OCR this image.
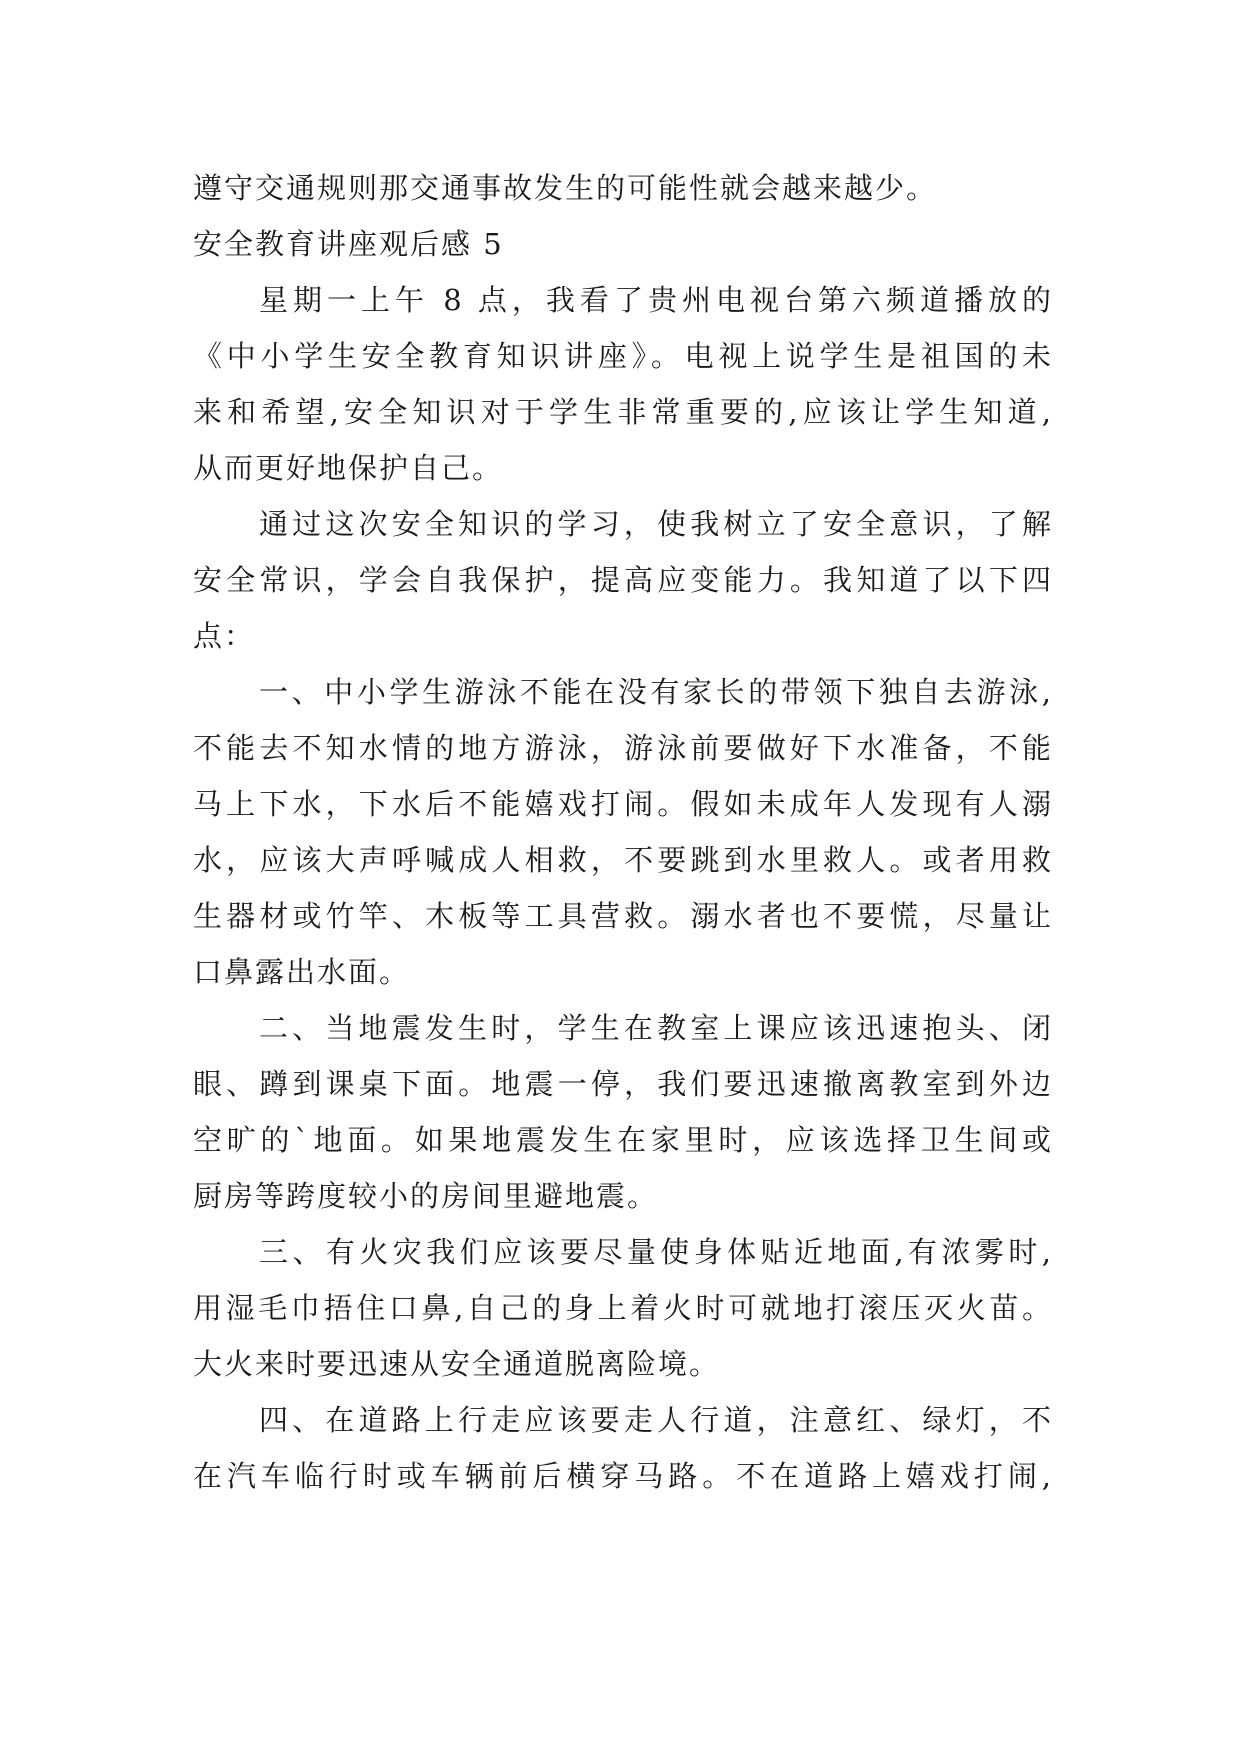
遵守交通规则那交通事故发生的可能性就会越来越少。
安全教育讲座观后感 5
星期一上午 8 点，我看了贵州电视台第六频道播放的
《中小学生安全教育知识讲座》。电视上说学生是祖国的未
来和希望,安全知识对于学生非常重要的,应该让学生知道,
从而更好地保护自己。
通过这次安全知识的学习，使我树立了安全意识，了解
安全常识，学会自我保护，提高应变能力。我知道了以下四
点：
一、中小学生游泳不能在没有家长的带领下独自去游泳,
不能去不知水情的地方游泳，游泳前要做好下水准备，不能
马上下水，下水后不能嬉戏打闹。假如未成年人发现有人溺
水，应该大声呼喊成人相救，不要跳到水里救人。或者用救
生器材或竹竿、木板等工具营救。溺水者也不要慌，尽量让
口鼻露出水面。
二、当地震发生时，学生在教室上课应该迅速抱头、闭
眼、蹲到课桌下面。地震一停，我们要迅速撤离教室到外边
空旷的`地面。如果地震发生在家里时，应该选择卫生间或
厨房等跨度较小的房间里避地震。
三、有火灾我们应该要尽量使身体贴近地面,有浓雾时,
用湿毛巾捂住口鼻,自己的身上着火时可就地打滚压灭火苗。
大火来时要迅速从安全通道脱离险境。
四、在道路上行走应该要走人行道，注意红、绿灯，不
在汽车临行时或车辆前后横穿马路。不在道路上嬉戏打闹,
